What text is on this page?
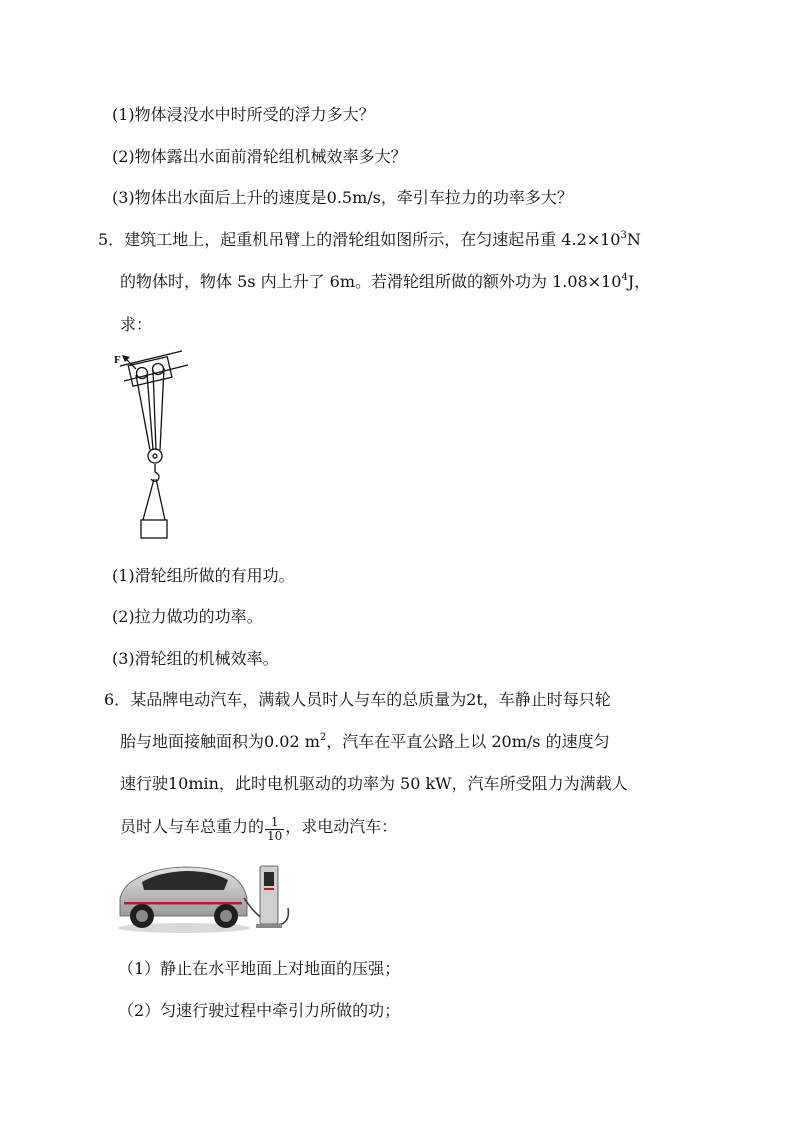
(1)物体浸没水中时所受的浮力多大？
(2)物体露出水面前滑轮组机械效率多大？
(3)物体出水面后上升的速度是0.5m/s，牵引车拉力的功率多大？
5．建筑工地上，起重机吊臂上的滑轮组如图所示，在匀速起吊重 $4.2\times 10^3N$
的物体时，物体 5s 内上升了 6m。若滑轮组所做的额外功为 $1.08\times 10^4J$，
求：
F
(1)滑轮组所做的有用功。
(2)拉力做功的功率。
(3)滑轮组的机械效率。
6．某品牌电动汽车，满载人员时人与车的总质量为2t，车静止时每只轮
胎与地面接触面积为0.02 $m^2$，汽车在平直公路上以 20m/s 的速度匀
速行驶10min，此时电机驱动的功率为 50 kW，汽车所受阻力为满载人
员时人与车总重力的 $\frac{1}{10}$ ，求电动汽车：
（1）静止在水平地面上对地面的压强；
（2）匀速行驶过程中牵引力所做的功；
